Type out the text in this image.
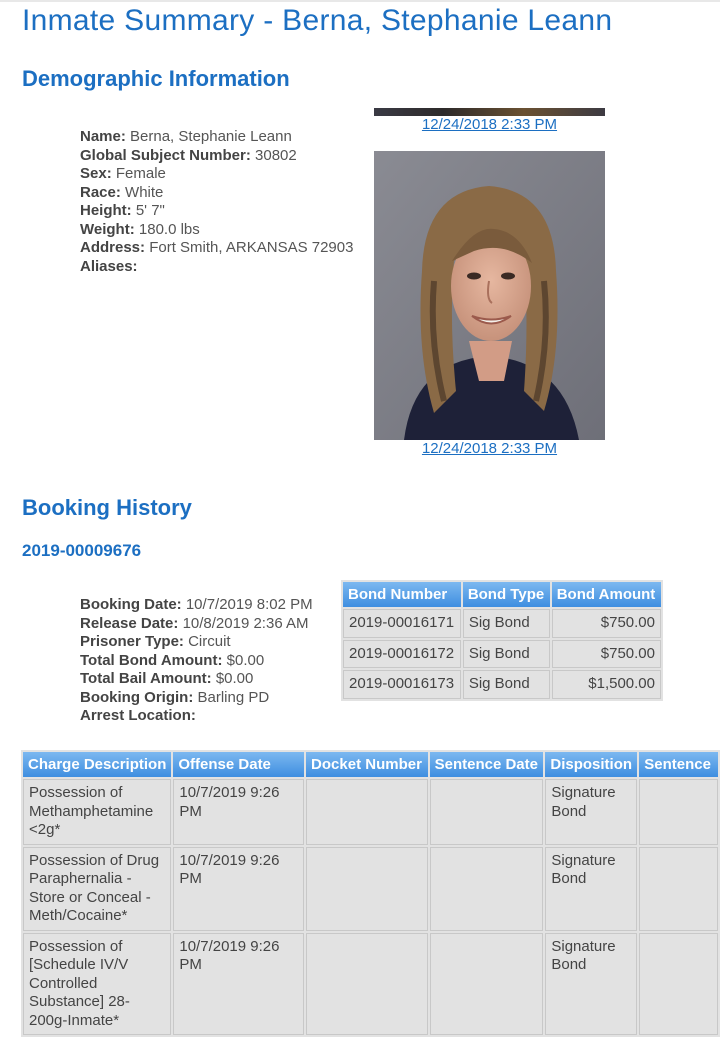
Inmate Summary - Berna, Stephanie Leann
Demographic Information
Name: Berna, Stephanie Leann
Global Subject Number: 30802
Sex: Female
Race: White
Height: 5' 7"
Weight: 180.0 lbs
Address: Fort Smith, ARKANSAS 72903
Aliases:
12/24/2018 2:33 PM
12/24/2018 2:33 PM
Booking History
2019-00009676
Booking Date: 10/7/2019 8:02 PM
Release Date: 10/8/2019 2:36 AM
Prisoner Type: Circuit
Total Bond Amount: $0.00
Total Bail Amount: $0.00
Booking Origin: Barling PD
Arrest Location:
Bond Number	Bond Type	Bond Amount
2019-00016171	Sig Bond	$750.00
2019-00016172	Sig Bond	$750.00
2019-00016173	Sig Bond	$1,500.00
Charge Description	Offense Date	Docket Number	Sentence Date	Disposition	Sentence
Possession of Methamphetamine <2g*	10/7/2019 9:26 PM			Signature Bond	
Possession of Drug Paraphernalia - Store or Conceal - Meth/Cocaine*	10/7/2019 9:26 PM			Signature Bond	
Possession of [Schedule IV/V Controlled Substance] 28-200g-Inmate*	10/7/2019 9:26 PM			Signature Bond	
